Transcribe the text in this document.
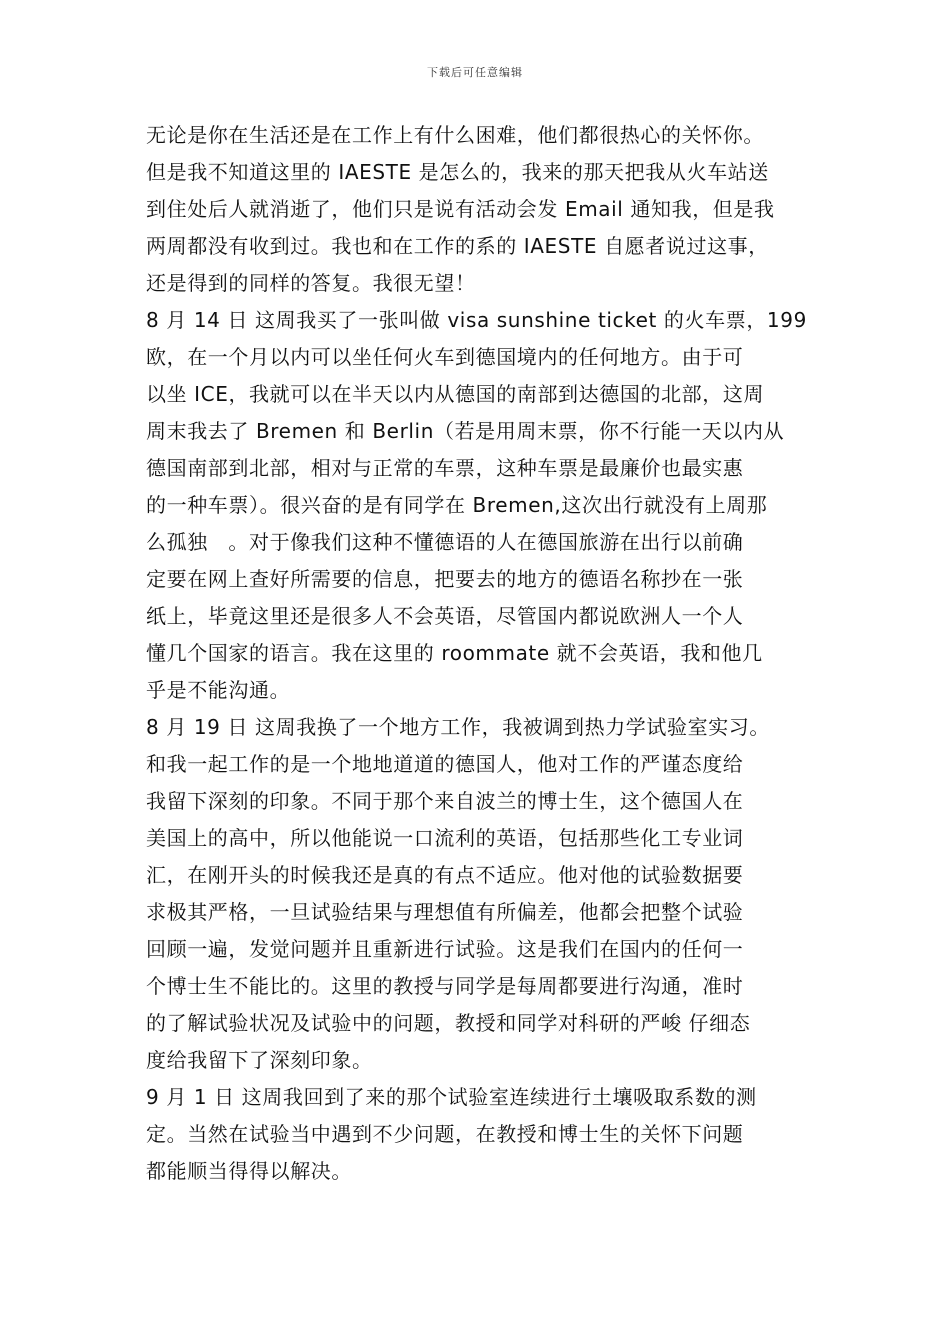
下载后可任意编辑
无论是你在生活还是在工作上有什么困难，他们都很热心的关怀你。
但是我不知道这里的 IAESTE 是怎么的，我来的那天把我从火车站送
到住处后人就消逝了，他们只是说有活动会发 Email 通知我，但是我
两周都没有收到过。我也和在工作的系的 IAESTE 自愿者说过这事，
还是得到的同样的答复。我很无望！
8 月 14 日 这周我买了一张叫做 visa sunshine ticket 的火车票，199
欧，在一个月以内可以坐任何火车到德国境内的任何地方。由于可
以坐 ICE，我就可以在半天以内从德国的南部到达德国的北部，这周
周末我去了 Bremen 和 Berlin（若是用周末票，你不行能一天以内从
德国南部到北部，相对与正常的车票，这种车票是最廉价也最实惠
的一种车票）。很兴奋的是有同学在 Bremen,这次出行就没有上周那
么孤独　。对于像我们这种不懂德语的人在德国旅游在出行以前确
定要在网上查好所需要的信息，把要去的地方的德语名称抄在一张
纸上，毕竟这里还是很多人不会英语，尽管国内都说欧洲人一个人
懂几个国家的语言。我在这里的 roommate 就不会英语，我和他几
乎是不能沟通。
8 月 19 日 这周我换了一个地方工作，我被调到热力学试验室实习。
和我一起工作的是一个地地道道的德国人，他对工作的严谨态度给
我留下深刻的印象。不同于那个来自波兰的博士生，这个德国人在
美国上的高中，所以他能说一口流利的英语，包括那些化工专业词
汇，在刚开头的时候我还是真的有点不适应。他对他的试验数据要
求极其严格，一旦试验结果与理想值有所偏差，他都会把整个试验
回顾一遍，发觉问题并且重新进行试验。这是我们在国内的任何一
个博士生不能比的。这里的教授与同学是每周都要进行沟通，准时
的了解试验状况及试验中的问题，教授和同学对科研的严峻 仔细态
度给我留下了深刻印象。
9 月 1 日 这周我回到了来的那个试验室连续进行土壤吸取系数的测
定。当然在试验当中遇到不少问题，在教授和博士生的关怀下问题
都能顺当得得以解决。
